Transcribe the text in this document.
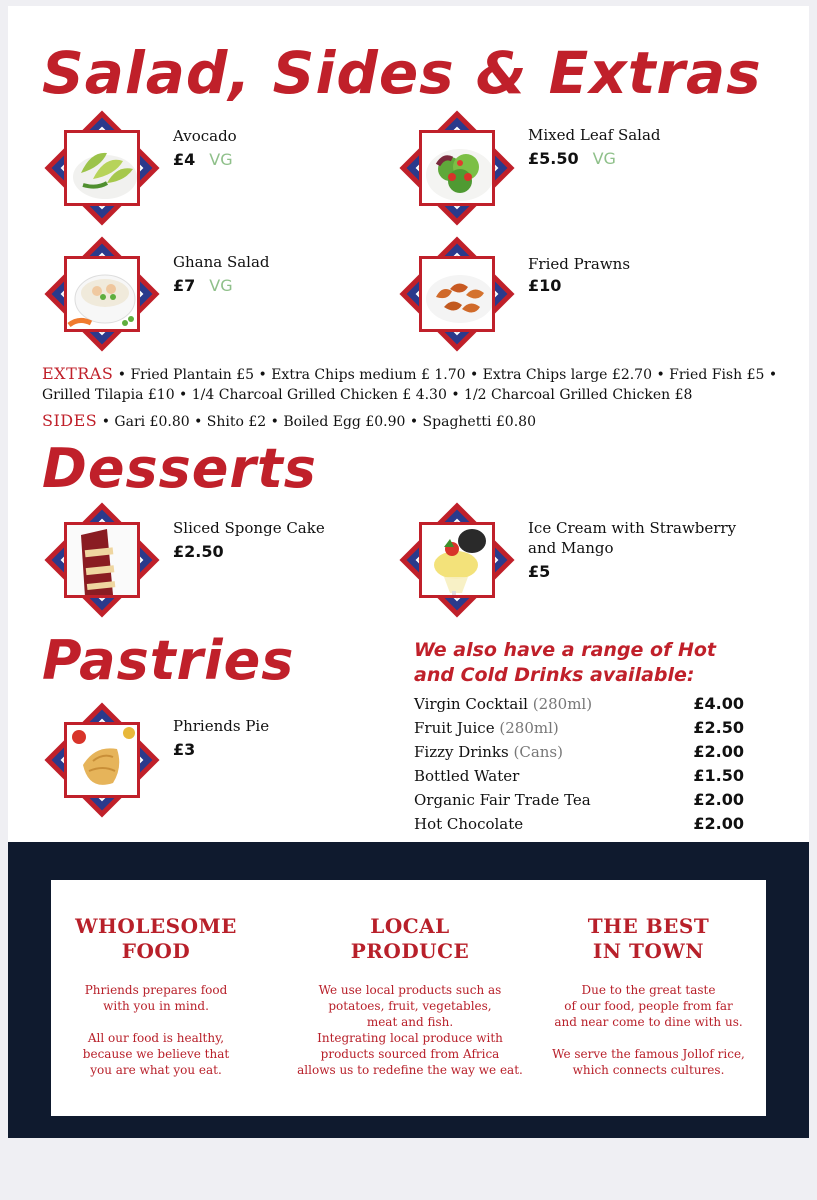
Salad, Sides & Extras
Avocado
£4 VG
Mixed Leaf Salad
£5.50 VG
Ghana Salad
£7 VG
Fried Prawns
£10
EXTRAS • Fried Plantain £5 • Extra Chips medium £ 1.70 • Extra Chips large £2.70 • Fried Fish £5 • Grilled Tilapia £10 • 1/4 Charcoal Grilled Chicken £ 4.30 • 1/2 Charcoal Grilled Chicken £8
SIDES • Gari £0.80 • Shito £2 • Boiled Egg £0.90 • Spaghetti £0.80
Desserts
Sliced Sponge Cake
£2.50
Ice Cream with Strawberry and Mango
£5
Pastries
Phriends Pie
£3
We also have a range of Hot and Cold Drinks available:
Virgin Cocktail (280ml)	£4.00
Fruit Juice (280ml)	£2.50
Fizzy Drinks (Cans)	£2.00
Bottled Water	£1.50
Organic Fair Trade Tea	£2.00
Hot Chocolate	£2.00
WHOLESOME
FOOD

Phriends prepares food
with you in mind.

All our food is healthy,
because we believe that
you are what you eat.

LOCAL
PRODUCE

We use local products such as
potatoes, fruit, vegetables,
meat and fish.
Integrating local produce with
products sourced from Africa
allows us to redefine the way we eat.

THE BEST
IN TOWN

Due to the great taste
of our food, people from far
and near come to dine with us.

We serve the famous Jollof rice,
which connects cultures.
